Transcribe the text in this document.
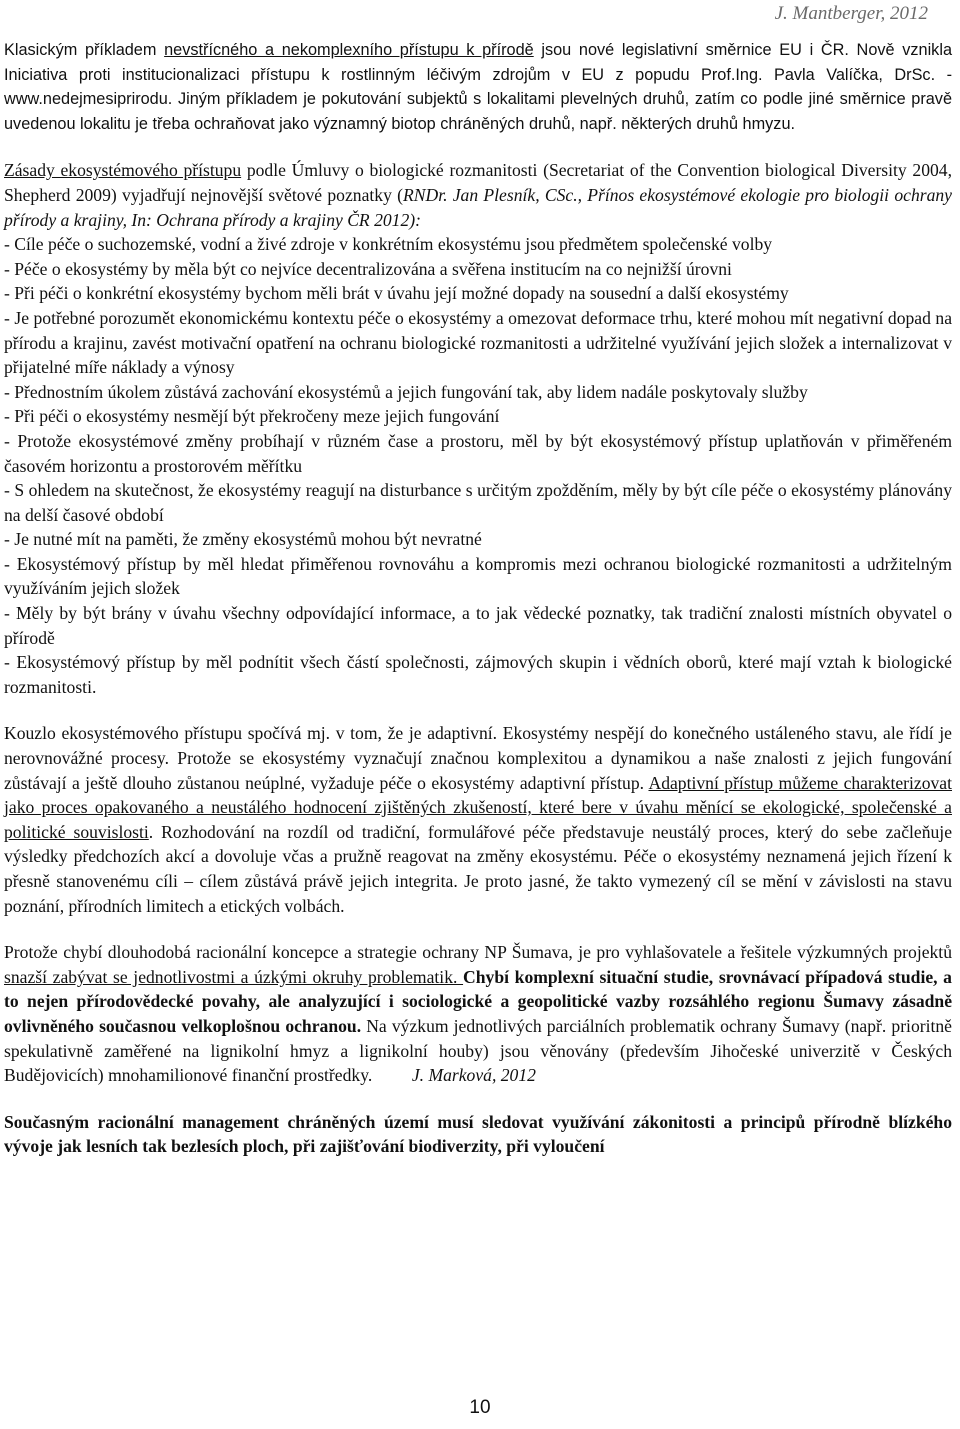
J. Mantberger, 2012

Klasickým příkladem nevstřícného a nekomplexního přístupu k přírodě jsou nové legislativní směrnice EU i ČR. Nově vznikla Iniciativa proti institucionalizaci přístupu k rostlinným léčivým zdrojům v EU z popudu Prof.Ing. Pavla Valíčka, DrSc. - www.nedejmesiprirodu. Jiným příkladem je pokutování subjektů s lokalitami plevelných druhů, zatím co podle jiné směrnice pravě uvedenou lokalitu je třeba ochraňovat jako významný biotop chráněných druhů, např. některých druhů hmyzu.

Zásady ekosystémového přístupu podle Úmluvy o biologické rozmanitosti (Secretariat of the Convention biological Diversity 2004, Shepherd 2009) vyjadřují nejnovější světové poznatky (RNDr. Jan Plesník, CSc., Přínos ekosystémové ekologie pro biologii ochrany přírody a krajiny, In: Ochrana přírody a krajiny ČR 2012):

- Cíle péče o suchozemské, vodní a živé zdroje v konkrétním ekosystému jsou předmětem společenské volby

- Péče o ekosystémy by měla být co nejvíce decentralizována a svěřena institucím na co nejnižší úrovni

- Při péči o konkrétní ekosystémy bychom měli brát v úvahu její možné dopady na sousední a další ekosystémy

- Je potřebné porozumět ekonomickému kontextu péče o ekosystémy a omezovat deformace trhu, které mohou mít negativní dopad na přírodu a krajinu, zavést motivační opatření na ochranu biologické rozmanitosti a udržitelné využívání jejich složek a internalizovat v přijatelné míře náklady a výnosy

- Přednostním úkolem zůstává zachování ekosystémů a jejich fungování tak, aby lidem nadále poskytovaly služby

- Při péči o ekosystémy nesmějí být překročeny meze jejich fungování

- Protože ekosystémové změny probíhají v různém čase a prostoru, měl by být ekosystémový přístup uplatňován v přiměřeném časovém horizontu a prostorovém měřítku

- S ohledem na skutečnost, že ekosystémy reagují na disturbance s určitým zpožděním, měly by být cíle péče o ekosystémy plánovány na delší časové období

- Je nutné mít na paměti, že změny ekosystémů mohou být nevratné

- Ekosystémový přístup by měl hledat přiměřenou rovnováhu a kompromis mezi ochranou biologické rozmanitosti a udržitelným využíváním jejich složek

- Měly by být brány v úvahu všechny odpovídající informace, a to jak vědecké poznatky, tak tradiční znalosti místních obyvatel o přírodě

- Ekosystémový přístup by měl podnítit všech částí společnosti, zájmových skupin i vědních oborů, které mají vztah k biologické rozmanitosti.

Kouzlo ekosystémového přístupu spočívá mj. v tom, že je adaptivní. Ekosystémy nespějí do konečného ustáleného stavu, ale řídí je nerovnovážné procesy. Protože se ekosystémy vyznačují značnou komplexitou a dynamikou a naše znalosti z jejich fungování zůstávají a ještě dlouho zůstanou neúplné, vyžaduje péče o ekosystémy adaptivní přístup. Adaptivní přístup můžeme charakterizovat jako proces opakovaného a neustálého hodnocení zjištěných zkušeností, které bere v úvahu měnící se ekologické, společenské a politické souvislosti. Rozhodování na rozdíl od tradiční, formulářové péče představuje neustálý proces, který do sebe začleňuje výsledky předchozích akcí a dovoluje včas a pružně reagovat na změny ekosystému. Péče o ekosystémy neznamená jejich řízení k přesně stanovenému cíli – cílem zůstává právě jejich integrita. Je proto jasné, že takto vymezený cíl se mění v závislosti na stavu poznání, přírodních limitech a etických volbách.

Protože chybí dlouhodobá racionální koncepce a strategie ochrany NP Šumava, je pro vyhlašovatele a řešitele výzkumných projektů snazší zabývat se jednotlivostmi a úzkými okruhy problematik. Chybí komplexní situační studie, srovnávací případová studie, a to nejen přírodovědecké povahy, ale analyzující i sociologické a geopolitické vazby rozsáhlého regionu Šumavy zásadně ovlivněného současnou velkoplošnou ochranou. Na výzkum jednotlivých parciálních problematik ochrany Šumavy (např. prioritně spekulativně zaměřené na lignikolní hmyz a lignikolní houby) jsou věnovány (především Jihočeské univerzitě v Českých Budějovicích) mnohamilionové finanční prostředky. J. Marková, 2012

Současným racionální management chráněných území musí sledovat využívání zákonitosti a principů přírodně blízkého vývoje jak lesních tak bezlesích ploch, při zajišťování biodiverzity, při vyloučení

10
